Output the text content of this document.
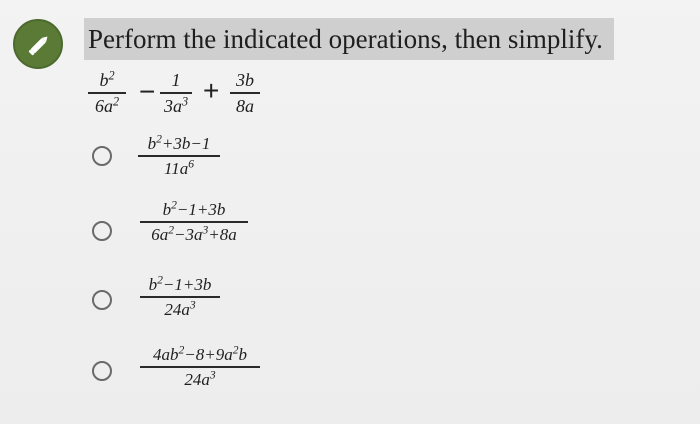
Perform the indicated operations, then simplify.
$b^2$
$6a^2 - 1$
$3a^3 + 3b$
8a
$b^2+3b-1$
$11a^6$
$b^2-1+3b$
$6a^2-3a^3+8a$
$b^2-1+3b$
$24a^3$
$4ab^2-8+9a^2b$
$24a^3$
